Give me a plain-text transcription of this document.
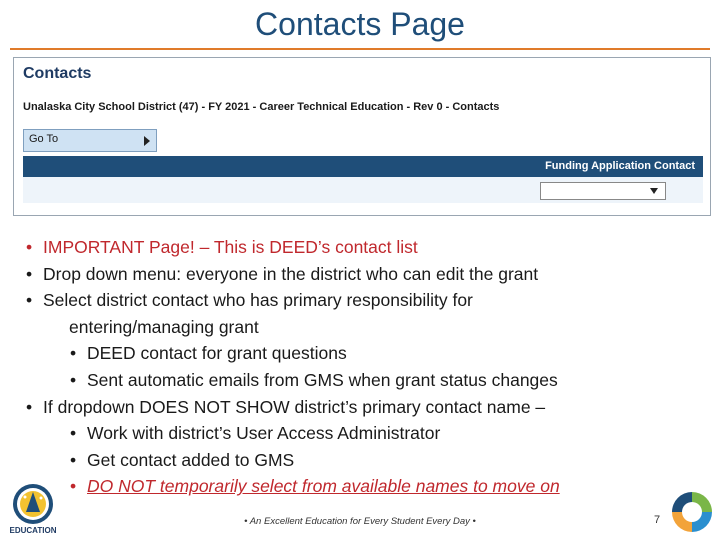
Contacts Page
Contacts
Unalaska City School District (47) - FY 2021 - Career Technical Education - Rev 0 - Contacts
Go To
Funding Application Contact
• IMPORTANT Page! – This is DEED’s contact list
• Drop down menu: everyone in the district who can edit the grant
• Select district contact who has primary responsibility for
entering/managing grant
• DEED contact for grant questions
• Sent automatic emails from GMS when grant status changes
• If dropdown DOES NOT SHOW district’s primary contact name –
• Work with district’s User Access Administrator
• Get contact added to GMS
• DO NOT temporarily select from available names to move on
EDUCATION
• An Excellent Education for Every Student Every Day •	7
